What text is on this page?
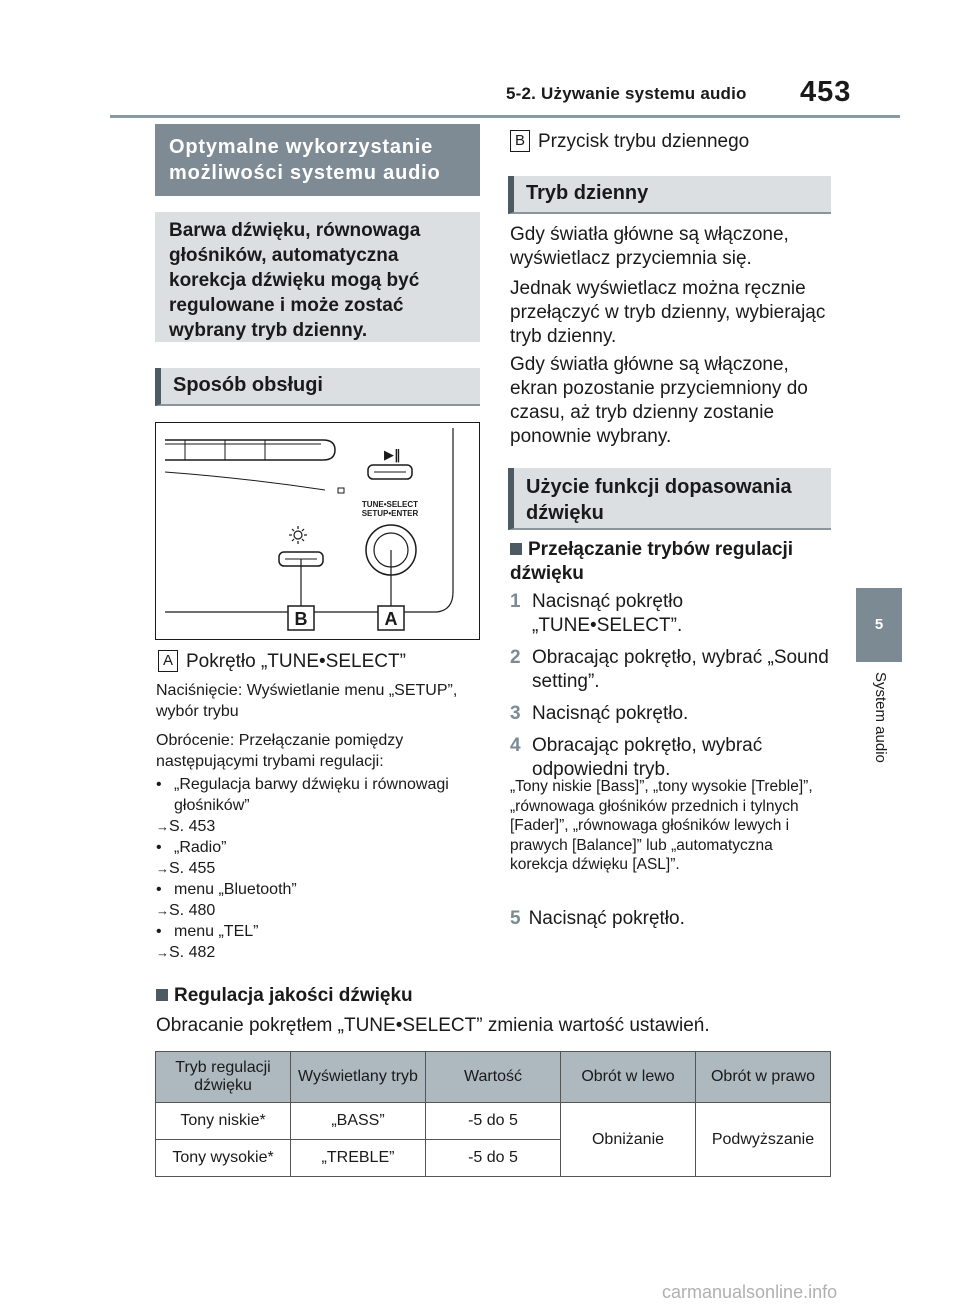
5-2. Używanie systemu audio 453
5
System audio
Optymalne wykorzystanie możliwości systemu audio
Barwa dźwięku, równowaga głośników, automatyczna korekcja dźwięku mogą być regulowane i może zostać wybrany tryb dzienny.
Sposób obsługi
▶‖
TUNE•SELECT
SETUP•ENTER
B	A
A Pokrętło „TUNE•SELECT”
Naciśnięcie: Wyświetlanie menu „SETUP”, wybór trybu
Obrócenie: Przełączanie pomiędzy następującymi trybami regulacji:
• „Regulacja barwy dźwięku i równowagi głośników”
→S. 453
• „Radio”
→S. 455
• menu „Bluetooth”
→S. 480
• menu „TEL”
→S. 482
Regulacja jakości dźwięku
Obracanie pokrętłem „TUNE•SELECT” zmienia wartość ustawień.
B Przycisk trybu dziennego
Tryb dzienny
Gdy światła główne są włączone, wyświetlacz przyciemnia się.
Jednak wyświetlacz można ręcznie przełączyć w tryb dzienny, wybierając tryb dzienny.
Gdy światła główne są włączone, ekran pozostanie przyciemniony do czasu, aż tryb dzienny zostanie ponownie wybrany.
Użycie funkcji dopasowania dźwięku
Przełączanie trybów regulacji dźwięku
1 Nacisnąć pokrętło „TUNE•SELECT”.
2 Obracając pokrętło, wybrać „Sound setting”.
3 Nacisnąć pokrętło.
4 Obracając pokrętło, wybrać odpowiedni tryb.
„Tony niskie [Bass]”, „tony wysokie [Treble]”, „równowaga głośników przednich i tylnych [Fader]”, „równowaga głośników lewych i prawych [Balance]” lub „automatyczna korekcja dźwięku [ASL]”.
5 Nacisnąć pokrętło.
Tryb regulacji dźwięku	Wyświetlany tryb	Wartość	Obrót w lewo	Obrót w prawo
Tony niskie*	„BASS”	-5 do 5	Obniżanie	Podwyższanie
Tony wysokie*	„TREBLE”	-5 do 5		
carmanualsonline.info
